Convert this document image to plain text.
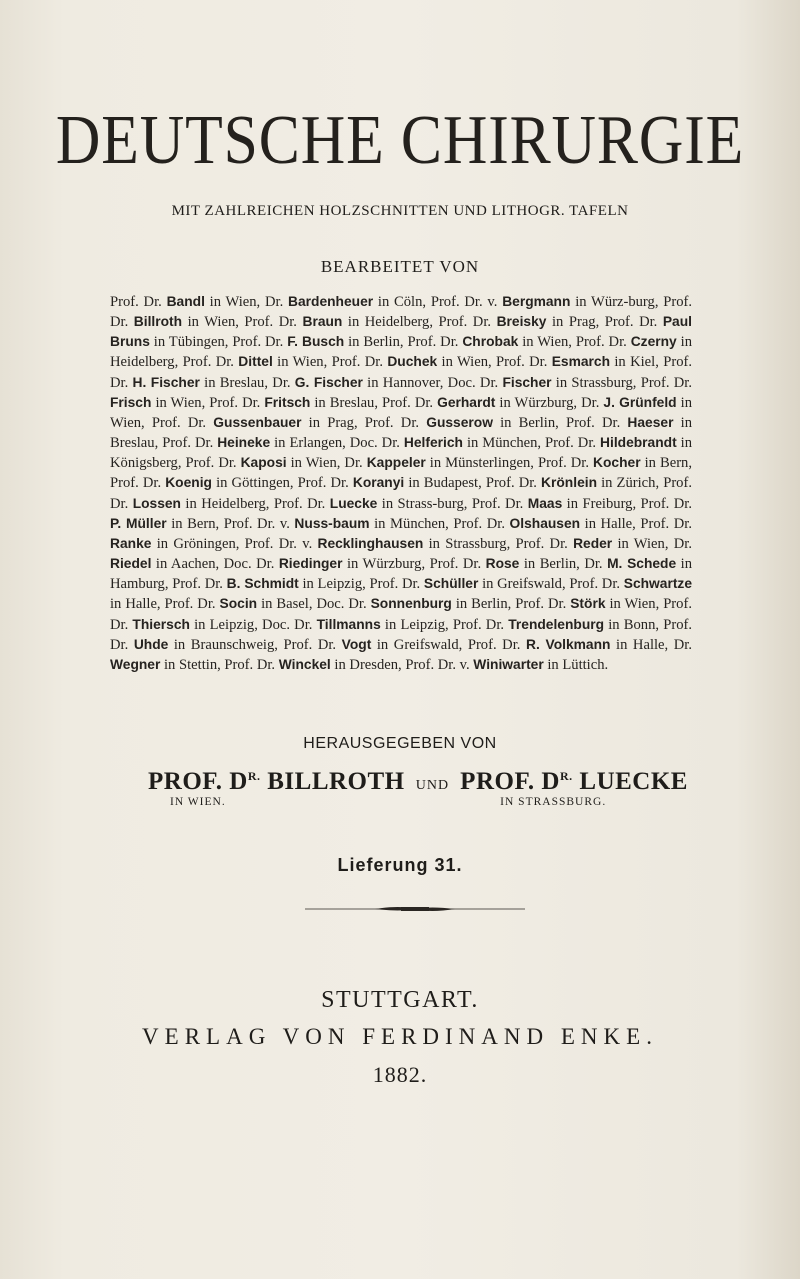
DEUTSCHE CHIRURGIE
MIT ZAHLREICHEN HOLZSCHNITTEN UND LITHOGR. TAFELN
BEARBEITET VON

Prof. Dr. Bandl in Wien, Dr. Bardenheuer in Cöln, Prof. Dr. v. Bergmann in Würz-burg, Prof. Dr. Billroth in Wien, Prof. Dr. Braun in Heidelberg, Prof. Dr. Breisky in Prag, Prof. Dr. Paul Bruns in Tübingen, Prof. Dr. F. Busch in Berlin, Prof. Dr. Chrobak in Wien, Prof. Dr. Czerny in Heidelberg, Prof. Dr. Dittel in Wien, Prof. Dr. Duchek in Wien, Prof. Dr. Esmarch in Kiel, Prof. Dr. H. Fischer in Breslau, Dr. G. Fischer in Hannover, Doc. Dr. Fischer in Strassburg, Prof. Dr. Frisch in Wien, Prof. Dr. Fritsch in Breslau, Prof. Dr. Gerhardt in Würzburg, Dr. J. Grünfeld in Wien, Prof. Dr. Gussenbauer in Prag, Prof. Dr. Gusserow in Berlin, Prof. Dr. Haeser in Breslau, Prof. Dr. Heineke in Erlangen, Doc. Dr. Helferich in München, Prof. Dr. Hildebrandt in Königsberg, Prof. Dr. Kaposi in Wien, Dr. Kappeler in Münsterlingen, Prof. Dr. Kocher in Bern, Prof. Dr. Koenig in Göttingen, Prof. Dr. Koranyi in Budapest, Prof. Dr. Krönlein in Zürich, Prof. Dr. Lossen in Heidelberg, Prof. Dr. Luecke in Strass-burg, Prof. Dr. Maas in Freiburg, Prof. Dr. P. Müller in Bern, Prof. Dr. v. Nuss-baum in München, Prof. Dr. Olshausen in Halle, Prof. Dr. Ranke in Gröningen, Prof. Dr. v. Recklinghausen in Strassburg, Prof. Dr. Reder in Wien, Dr. Riedel in Aachen, Doc. Dr. Riedinger in Würzburg, Prof. Dr. Rose in Berlin, Dr. M. Schede in Hamburg, Prof. Dr. B. Schmidt in Leipzig, Prof. Dr. Schüller in Greifswald, Prof. Dr. Schwartze in Halle, Prof. Dr. Socin in Basel, Doc. Dr. Sonnenburg in Berlin, Prof. Dr. Störk in Wien, Prof. Dr. Thiersch in Leipzig, Doc. Dr. Tillmanns in Leipzig, Prof. Dr. Trendelenburg in Bonn, Prof. Dr. Uhde in Braunschweig, Prof. Dr. Vogt in Greifswald, Prof. Dr. R. Volkmann in Halle, Dr. Wegner in Stettin, Prof. Dr. Winckel in Dresden, Prof. Dr. v. Winiwarter in Lüttich.

HERAUSGEGEBEN VON
PROF. $D^{R.}$ BILLROTH
IN WIEN.
UND PROF. $D^{R.}$ LUECKE
IN STRASSBURG.
Lieferung 31.
STUTTGART.
VERLAG VON FERDINAND ENKE.
1882.
